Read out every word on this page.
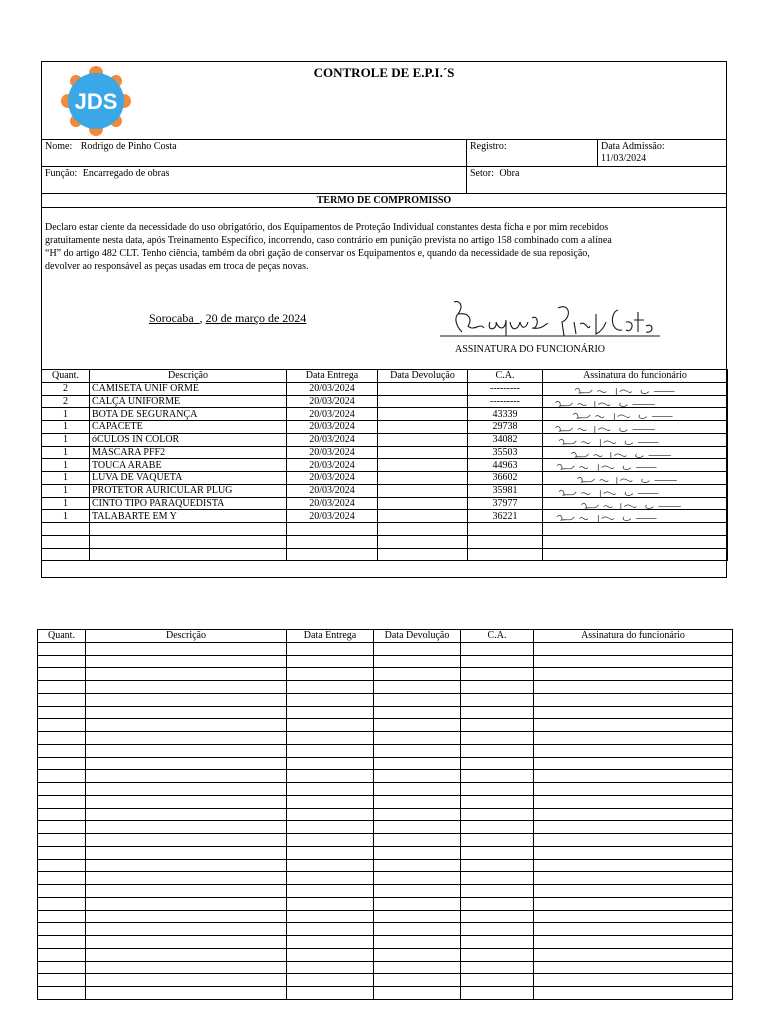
JDS
CONTROLE DE E.P.I.´S
Nome: Rodrigo de Pinho Costa	Registro:	Data Admissão:
11/03/2024
Função: Encarregado de obras	Setor: Obra
TERMO DE COMPROMISSO
Declaro estar ciente da necessidade do uso obrigatório, dos Equipamentos de Proteção Individual constantes desta ficha e por mim recebidos
gratuitamente nesta data, após Treinamento Específico, incorrendo, caso contrário em punição prevista no artigo 158 combinado com a alínea
“H” do artigo 482 CLT. Tenho ciência, também da obri gação de conservar os Equipamentos e, quando da necessidade de sua reposição,
devolver ao responsável as peças usadas em troca de peças novas.
Sorocaba , 20 de março de 2024
Rodrigo de Pinho Costa
ASSINATURA DO FUNCIONÁRIO
Quant.	Descrição	Data Entrega	Data Devolução	C.A.	Assinatura do funcionário
2	CAMISETA UNIF ORME	20/03/2024		---------	

2	CALÇA UNIFORME	20/03/2024		---------	

1	BOTA DE SEGURANÇA	20/03/2024		43339	

1	CAPACETE	20/03/2024		29738	

1	óCULOS IN COLOR	20/03/2024		34082	

1	MÁSCARA PFF2	20/03/2024		35503	

1	TOUCA ARABE	20/03/2024		44963	

1	LUVA DE VAQUETA	20/03/2024		36602	

1	PROTETOR AURICULAR PLUG	20/03/2024		35981	

1	CINTO TIPO PARAQUEDISTA	20/03/2024		37977	

1	TALABARTE EM Y	20/03/2024		36221	

Quant.	Descrição	Data Entrega	Data Devolução	C.A.	Assinatura do funcionário
